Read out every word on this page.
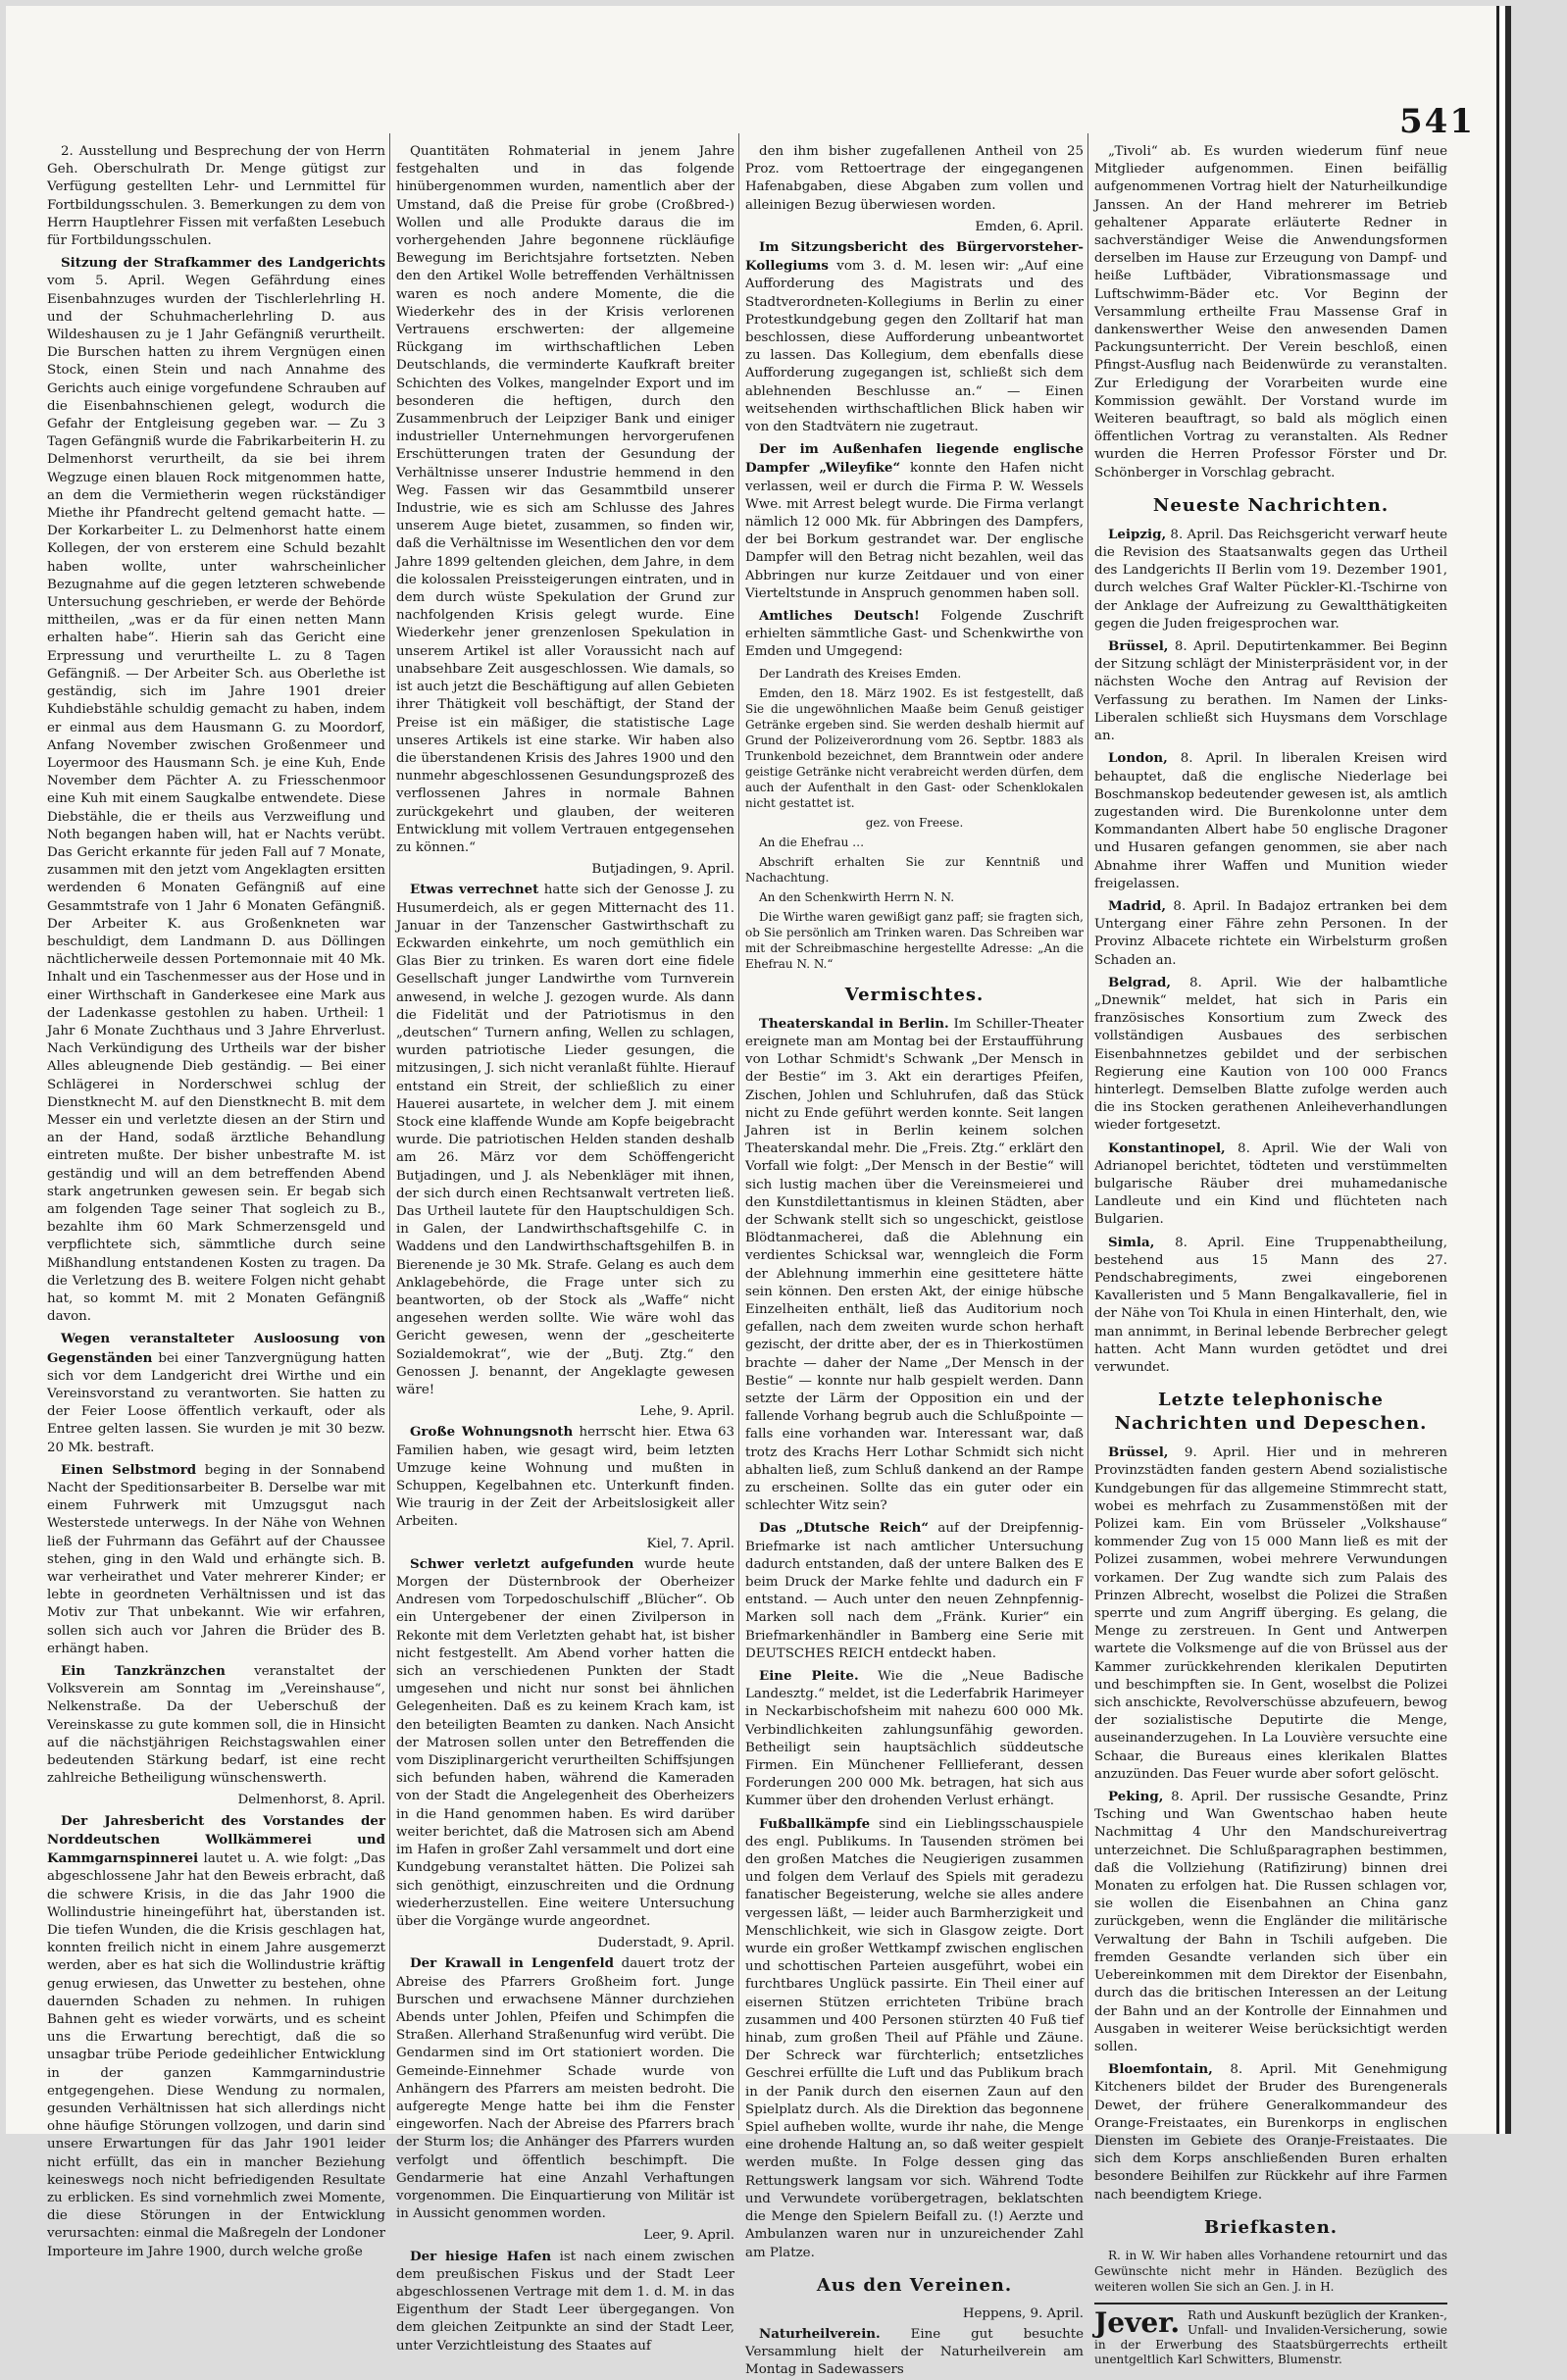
541

2. Ausstellung und Besprechung der von Herrn Geh. Oberschulrath Dr. Menge gütigst zur Verfügung gestellten Lehr- und Lernmittel für Fortbildungsschulen. 3. Bemerkungen zu dem von Herrn Hauptlehrer Fissen mit verfaßten Lesebuch für Fortbildungsschulen.

Sitzung der Strafkammer des Landgerichts vom 5. April. Wegen Gefährdung eines Eisenbahnzuges wurden der Tischlerlehrling H. und der Schuhmacherlehrling D. aus Wildeshausen zu je 1 Jahr Gefängniß verurtheilt. Die Burschen hatten zu ihrem Vergnügen einen Stock, einen Stein und nach Annahme des Gerichts auch einige vorgefundene Schrauben auf die Eisenbahnschienen gelegt, wodurch die Gefahr der Entgleisung gegeben war. — Zu 3 Tagen Gefängniß wurde die Fabrikarbeiterin H. zu Delmenhorst verurtheilt, da sie bei ihrem Wegzuge einen blauen Rock mitgenommen hatte, an dem die Vermietherin wegen rückständiger Miethe ihr Pfandrecht geltend gemacht hatte. — Der Korkarbeiter L. zu Delmenhorst hatte einem Kollegen, der von ersterem eine Schuld bezahlt haben wollte, unter wahrscheinlicher Bezugnahme auf die gegen letzteren schwebende Untersuchung geschrieben, er werde der Behörde mittheilen, „was er da für einen netten Mann erhalten habe“. Hierin sah das Gericht eine Erpressung und verurtheilte L. zu 8 Tagen Gefängniß. — Der Arbeiter Sch. aus Oberlethe ist geständig, sich im Jahre 1901 dreier Kuhdiebstähle schuldig gemacht zu haben, indem er einmal aus dem Hausmann G. zu Moordorf, Anfang November zwischen Großenmeer und Loyermoor des Hausmann Sch. je eine Kuh, Ende November dem Pächter A. zu Friesschenmoor eine Kuh mit einem Saugkalbe entwendete. Diese Diebstähle, die er theils aus Verzweiflung und Noth begangen haben will, hat er Nachts verübt. Das Gericht erkannte für jeden Fall auf 7 Monate, zusammen mit den jetzt vom Angeklagten ersitten werdenden 6 Monaten Gefängniß auf eine Gesammtstrafe von 1 Jahr 6 Monaten Gefängniß. Der Arbeiter K. aus Großenkneten war beschuldigt, dem Landmann D. aus Döllingen nächtlicherweile dessen Portemonnaie mit 40 Mk. Inhalt und ein Taschenmesser aus der Hose und in einer Wirthschaft in Ganderkesee eine Mark aus der Ladenkasse gestohlen zu haben. Urtheil: 1 Jahr 6 Monate Zuchthaus und 3 Jahre Ehrverlust. Nach Verkündigung des Urtheils war der bisher Alles ableugnende Dieb geständig. — Bei einer Schlägerei in Norderschwei schlug der Dienstknecht M. auf den Dienstknecht B. mit dem Messer ein und verletzte diesen an der Stirn und an der Hand, sodaß ärztliche Behandlung eintreten mußte. Der bisher unbestrafte M. ist geständig und will an dem betreffenden Abend stark angetrunken gewesen sein. Er begab sich am folgenden Tage seiner That sogleich zu B., bezahlte ihm 60 Mark Schmerzensgeld und verpflichtete sich, sämmtliche durch seine Mißhandlung entstandenen Kosten zu tragen. Da die Verletzung des B. weitere Folgen nicht gehabt hat, so kommt M. mit 2 Monaten Gefängniß davon.

Wegen veranstalteter Ausloosung von Gegenständen bei einer Tanzvergnügung hatten sich vor dem Landgericht drei Wirthe und ein Vereinsvorstand zu verantworten. Sie hatten zu der Feier Loose öffentlich verkauft, oder als Entree gelten lassen. Sie wurden je mit 30 bezw. 20 Mk. bestraft.

Einen Selbstmord beging in der Sonnabend Nacht der Speditionsarbeiter B. Derselbe war mit einem Fuhrwerk mit Umzugsgut nach Westerstede unterwegs. In der Nähe von Wehnen ließ der Fuhrmann das Gefährt auf der Chaussee stehen, ging in den Wald und erhängte sich. B. war verheirathet und Vater mehrerer Kinder; er lebte in geordneten Verhältnissen und ist das Motiv zur That unbekannt. Wie wir erfahren, sollen sich auch vor Jahren die Brüder des B. erhängt haben.

Ein Tanzkränzchen veranstaltet der Volksverein am Sonntag im „Vereinshause“, Nelkenstraße. Da der Ueberschuß der Vereinskasse zu gute kommen soll, die in Hinsicht auf die nächstjährigen Reichstagswahlen einer bedeutenden Stärkung bedarf, ist eine recht zahlreiche Betheiligung wünschenswerth.

Delmenhorst, 8. April.

Der Jahresbericht des Vorstandes der Norddeutschen Wollkämmerei und Kammgarnspinnerei lautet u. A. wie folgt: „Das abgeschlossene Jahr hat den Beweis erbracht, daß die schwere Krisis, in die das Jahr 1900 die Wollindustrie hineingeführt hat, überstanden ist. Die tiefen Wunden, die die Krisis geschlagen hat, konnten freilich nicht in einem Jahre ausgemerzt werden, aber es hat sich die Wollindustrie kräftig genug erwiesen, das Unwetter zu bestehen, ohne dauernden Schaden zu nehmen. In ruhigen Bahnen geht es wieder vorwärts, und es scheint uns die Erwartung berechtigt, daß die so unsagbar trübe Periode gedeihlicher Entwicklung in der ganzen Kammgarnindustrie entgegengehen. Diese Wendung zu normalen, gesunden Verhältnissen hat sich allerdings nicht ohne häufige Störungen vollzogen, und darin sind unsere Erwartungen für das Jahr 1901 leider nicht erfüllt, das ein in mancher Beziehung keineswegs noch nicht befriedigenden Resultate zu erblicken. Es sind vornehmlich zwei Momente, die diese Störungen in der Entwicklung verursachten: einmal die Maßregeln der Londoner Importeure im Jahre 1900, durch welche große

Quantitäten Rohmaterial in jenem Jahre festgehalten und in das folgende hinübergenommen wurden, namentlich aber der Umstand, daß die Preise für grobe (Croßbred-) Wollen und alle Produkte daraus die im vorhergehenden Jahre begonnene rückläufige Bewegung im Berichtsjahre fortsetzten. Neben den den Artikel Wolle betreffenden Verhältnissen waren es noch andere Momente, die die Wiederkehr des in der Krisis verlorenen Vertrauens erschwerten: der allgemeine Rückgang im wirthschaftlichen Leben Deutschlands, die verminderte Kaufkraft breiter Schichten des Volkes, mangelnder Export und im besonderen die heftigen, durch den Zusammenbruch der Leipziger Bank und einiger industrieller Unternehmungen hervorgerufenen Erschütterungen traten der Gesundung der Verhältnisse unserer Industrie hemmend in den Weg. Fassen wir das Gesammtbild unserer Industrie, wie es sich am Schlusse des Jahres unserem Auge bietet, zusammen, so finden wir, daß die Verhältnisse im Wesentlichen den vor dem Jahre 1899 geltenden gleichen, dem Jahre, in dem die kolossalen Preissteigerungen eintraten, und in dem durch wüste Spekulation der Grund zur nachfolgenden Krisis gelegt wurde. Eine Wiederkehr jener grenzenlosen Spekulation in unserem Artikel ist aller Voraussicht nach auf unabsehbare Zeit ausgeschlossen. Wie damals, so ist auch jetzt die Beschäftigung auf allen Gebieten ihrer Thätigkeit voll beschäftigt, der Stand der Preise ist ein mäßiger, die statistische Lage unseres Artikels ist eine starke. Wir haben also die überstandenen Krisis des Jahres 1900 und den nunmehr abgeschlossenen Gesundungsprozeß des verflossenen Jahres in normale Bahnen zurückgekehrt und glauben, der weiteren Entwicklung mit vollem Vertrauen entgegensehen zu können.“

Butjadingen, 9. April.

Etwas verrechnet hatte sich der Genosse J. zu Husumerdeich, als er gegen Mitternacht des 11. Januar in der Tanzenscher Gastwirthschaft zu Eckwarden einkehrte, um noch gemüthlich ein Glas Bier zu trinken. Es waren dort eine fidele Gesellschaft junger Landwirthe vom Turnverein anwesend, in welche J. gezogen wurde. Als dann die Fidelität und der Patriotismus in den „deutschen“ Turnern anfing, Wellen zu schlagen, wurden patriotische Lieder gesungen, die mitzusingen, J. sich nicht veranlaßt fühlte. Hierauf entstand ein Streit, der schließlich zu einer Hauerei ausartete, in welcher dem J. mit einem Stock eine klaffende Wunde am Kopfe beigebracht wurde. Die patriotischen Helden standen deshalb am 26. März vor dem Schöffengericht Butjadingen, und J. als Nebenkläger mit ihnen, der sich durch einen Rechtsanwalt vertreten ließ. Das Urtheil lautete für den Hauptschuldigen Sch. in Galen, der Landwirthschaftsgehilfe C. in Waddens und den Landwirthschaftsgehilfen B. in Bierenende je 30 Mk. Strafe. Gelang es auch dem Anklagebehörde, die Frage unter sich zu beantworten, ob der Stock als „Waffe“ nicht angesehen werden sollte. Wie wäre wohl das Gericht gewesen, wenn der „gescheiterte Sozialdemokrat“, wie der „Butj. Ztg.“ den Genossen J. benannt, der Angeklagte gewesen wäre!

Lehe, 9. April.

Große Wohnungsnoth herrscht hier. Etwa 63 Familien haben, wie gesagt wird, beim letzten Umzuge keine Wohnung und mußten in Schuppen, Kegelbahnen etc. Unterkunft finden. Wie traurig in der Zeit der Arbeitslosigkeit aller Arbeiten.

Kiel, 7. April.

Schwer verletzt aufgefunden wurde heute Morgen der Düsternbrook der Oberheizer Andresen vom Torpedoschulschiff „Blücher“. Ob ein Untergebener der einen Zivilperson in Rekonte mit dem Verletzten gehabt hat, ist bisher nicht festgestellt. Am Abend vorher hatten die sich an verschiedenen Punkten der Stadt umgesehen und nicht nur sonst bei ähnlichen Gelegenheiten. Daß es zu keinem Krach kam, ist den beteiligten Beamten zu danken. Nach Ansicht der Matrosen sollen unter den Betreffenden die vom Disziplinargericht verurtheilten Schiffsjungen sich befunden haben, während die Kameraden von der Stadt die Angelegenheit des Oberheizers in die Hand genommen haben. Es wird darüber weiter berichtet, daß die Matrosen sich am Abend im Hafen in großer Zahl versammelt und dort eine Kundgebung veranstaltet hätten. Die Polizei sah sich genöthigt, einzuschreiten und die Ordnung wiederherzustellen. Eine weitere Untersuchung über die Vorgänge wurde angeordnet.

Duderstadt, 9. April.

Der Krawall in Lengenfeld dauert trotz der Abreise des Pfarrers Großheim fort. Junge Burschen und erwachsene Männer durchziehen Abends unter Johlen, Pfeifen und Schimpfen die Straßen. Allerhand Straßenunfug wird verübt. Die Gendarmen sind im Ort stationiert worden. Die Gemeinde-Einnehmer Schade wurde von Anhängern des Pfarrers am meisten bedroht. Die aufgeregte Menge hatte bei ihm die Fenster eingeworfen. Nach der Abreise des Pfarrers brach der Sturm los; die Anhänger des Pfarrers wurden verfolgt und öffentlich beschimpft. Die Gendarmerie hat eine Anzahl Verhaftungen vorgenommen. Die Einquartierung von Militär ist in Aussicht genommen worden.

Leer, 9. April.

Der hiesige Hafen ist nach einem zwischen dem preußischen Fiskus und der Stadt Leer abgeschlossenen Vertrage mit dem 1. d. M. in das Eigenthum der Stadt Leer übergegangen. Von dem gleichen Zeitpunkte an sind der Stadt Leer, unter Verzichtleistung des Staates auf

den ihm bisher zugefallenen Antheil von 25 Proz. vom Rettoertrage der eingegangenen Hafenabgaben, diese Abgaben zum vollen und alleinigen Bezug überwiesen worden.

Emden, 6. April.

Im Sitzungsbericht des Bürgervorsteher-Kollegiums vom 3. d. M. lesen wir: „Auf eine Aufforderung des Magistrats und des Stadtverordneten-Kollegiums in Berlin zu einer Protestkundgebung gegen den Zolltarif hat man beschlossen, diese Aufforderung unbeantwortet zu lassen. Das Kollegium, dem ebenfalls diese Aufforderung zugegangen ist, schließt sich dem ablehnenden Beschlusse an.“ — Einen weitsehenden wirthschaftlichen Blick haben wir von den Stadtvätern nie zugetraut.

Der im Außenhafen liegende englische Dampfer „Wileyfike“ konnte den Hafen nicht verlassen, weil er durch die Firma P. W. Wessels Wwe. mit Arrest belegt wurde. Die Firma verlangt nämlich 12 000 Mk. für Abbringen des Dampfers, der bei Borkum gestrandet war. Der englische Dampfer will den Betrag nicht bezahlen, weil das Abbringen nur kurze Zeitdauer und von einer Vierteltstunde in Anspruch genommen haben soll.

Amtliches Deutsch! Folgende Zuschrift erhielten sämmtliche Gast- und Schenkwirthe von Emden und Umgegend:

Der Landrath des Kreises Emden.

Emden, den 18. März 1902. Es ist festgestellt, daß Sie die ungewöhnlichen Maaße beim Genuß geistiger Getränke ergeben sind. Sie werden deshalb hiermit auf Grund der Polizeiverordnung vom 26. Septbr. 1883 als Trunkenbold bezeichnet, dem Branntwein oder andere geistige Getränke nicht verabreicht werden dürfen, dem auch der Aufenthalt in den Gast- oder Schenklokalen nicht gestattet ist.

gez. von Freese.

An die Ehefrau …

Abschrift erhalten Sie zur Kenntniß und Nachachtung.

An den Schenkwirth Herrn N. N.

Die Wirthe waren gewißigt ganz paff; sie fragten sich, ob Sie persönlich am Trinken waren. Das Schreiben war mit der Schreibmaschine hergestellte Adresse: „An die Ehefrau N. N.“

Vermischtes.

Theaterskandal in Berlin. Im Schiller-Theater ereignete man am Montag bei der Erstaufführung von Lothar Schmidt's Schwank „Der Mensch in der Bestie“ im 3. Akt ein derartiges Pfeifen, Zischen, Johlen und Schluhrufen, daß das Stück nicht zu Ende geführt werden konnte. Seit langen Jahren ist in Berlin keinem solchen Theaterskandal mehr. Die „Freis. Ztg.“ erklärt den Vorfall wie folgt: „Der Mensch in der Bestie“ will sich lustig machen über die Vereinsmeierei und den Kunstdilettantismus in kleinen Städten, aber der Schwank stellt sich so ungeschickt, geistlose Blödtanmacherei, daß die Ablehnung ein verdientes Schicksal war, wenngleich die Form der Ablehnung immerhin eine gesittetere hätte sein können. Den ersten Akt, der einige hübsche Einzelheiten enthält, ließ das Auditorium noch gefallen, nach dem zweiten wurde schon herhaft gezischt, der dritte aber, der es in Thierkostümen brachte — daher der Name „Der Mensch in der Bestie“ — konnte nur halb gespielt werden. Dann setzte der Lärm der Opposition ein und der fallende Vorhang begrub auch die Schlußpointe — falls eine vorhanden war. Interessant war, daß trotz des Krachs Herr Lothar Schmidt sich nicht abhalten ließ, zum Schluß dankend an der Rampe zu erscheinen. Sollte das ein guter oder ein schlechter Witz sein?

Das „Dtutsche Reich“ auf der Dreipfennig-Briefmarke ist nach amtlicher Untersuchung dadurch entstanden, daß der untere Balken des E beim Druck der Marke fehlte und dadurch ein F entstand. — Auch unter den neuen Zehnpfennig-Marken soll nach dem „Fränk. Kurier“ ein Briefmarkenhändler in Bamberg eine Serie mit DEUTSCHES REICH entdeckt haben.

Eine Pleite. Wie die „Neue Badische Landesztg.“ meldet, ist die Lederfabrik Harimeyer in Neckarbischofsheim mit nahezu 600 000 Mk. Verbindlichkeiten zahlungsunfähig geworden. Betheiligt sein hauptsächlich süddeutsche Firmen. Ein Münchener Felllieferant, dessen Forderungen 200 000 Mk. betragen, hat sich aus Kummer über den drohenden Verlust erhängt.

Fußballkämpfe sind ein Lieblingsschauspiele des engl. Publikums. In Tausenden strömen bei den großen Matches die Neugierigen zusammen und folgen dem Verlauf des Spiels mit geradezu fanatischer Begeisterung, welche sie alles andere vergessen läßt, — leider auch Barmherzigkeit und Menschlichkeit, wie sich in Glasgow zeigte. Dort wurde ein großer Wettkampf zwischen englischen und schottischen Parteien ausgeführt, wobei ein furchtbares Unglück passirte. Ein Theil einer auf eisernen Stützen errichteten Tribüne brach zusammen und 400 Personen stürzten 40 Fuß tief hinab, zum großen Theil auf Pfähle und Zäune. Der Schreck war fürchterlich; entsetzliches Geschrei erfüllte die Luft und das Publikum brach in der Panik durch den eisernen Zaun auf den Spielplatz durch. Als die Direktion das begonnene Spiel aufheben wollte, wurde ihr nahe, die Menge eine drohende Haltung an, so daß weiter gespielt werden mußte. In Folge dessen ging das Rettungswerk langsam vor sich. Während Todte und Verwundete vorübergetragen, beklatschten die Menge den Spielern Beifall zu. (!) Aerzte und Ambulanzen waren nur in unzureichender Zahl am Platze.

Aus den Vereinen.

Heppens, 9. April.

Naturheilverein. Eine gut besuchte Versammlung hielt der Naturheilverein am Montag in Sadewassers

„Tivoli“ ab. Es wurden wiederum fünf neue Mitglieder aufgenommen. Einen beifällig aufgenommenen Vortrag hielt der Naturheilkundige Janssen. An der Hand mehrerer im Betrieb gehaltener Apparate erläuterte Redner in sachverständiger Weise die Anwendungsformen derselben im Hause zur Erzeugung von Dampf- und heiße Luftbäder, Vibrationsmassage und Luftschwimm-Bäder etc. Vor Beginn der Versammlung ertheilte Frau Massense Graf in dankenswerther Weise den anwesenden Damen Packungsunterricht. Der Verein beschloß, einen Pfingst-Ausflug nach Beidenwürde zu veranstalten. Zur Erledigung der Vorarbeiten wurde eine Kommission gewählt. Der Vorstand wurde im Weiteren beauftragt, so bald als möglich einen öffentlichen Vortrag zu veranstalten. Als Redner wurden die Herren Professor Förster und Dr. Schönberger in Vorschlag gebracht.

Neueste Nachrichten.

Leipzig, 8. April. Das Reichsgericht verwarf heute die Revision des Staatsanwalts gegen das Urtheil des Landgerichts II Berlin vom 19. Dezember 1901, durch welches Graf Walter Pückler-Kl.-Tschirne von der Anklage der Aufreizung zu Gewaltthätigkeiten gegen die Juden freigesprochen war.

Brüssel, 8. April. Deputirtenkammer. Bei Beginn der Sitzung schlägt der Ministerpräsident vor, in der nächsten Woche den Antrag auf Revision der Verfassung zu berathen. Im Namen der Links-Liberalen schließt sich Huysmans dem Vorschlage an.

London, 8. April. In liberalen Kreisen wird behauptet, daß die englische Niederlage bei Boschmanskop bedeutender gewesen ist, als amtlich zugestanden wird. Die Burenkolonne unter dem Kommandanten Albert habe 50 englische Dragoner und Husaren gefangen genommen, sie aber nach Abnahme ihrer Waffen und Munition wieder freigelassen.

Madrid, 8. April. In Badajoz ertranken bei dem Untergang einer Fähre zehn Personen. In der Provinz Albacete richtete ein Wirbelsturm großen Schaden an.

Belgrad, 8. April. Wie der halbamtliche „Dnewnik“ meldet, hat sich in Paris ein französisches Konsortium zum Zweck des vollständigen Ausbaues des serbischen Eisenbahnnetzes gebildet und der serbischen Regierung eine Kaution von 100 000 Francs hinterlegt. Demselben Blatte zufolge werden auch die ins Stocken gerathenen Anleiheverhandlungen wieder fortgesetzt.

Konstantinopel, 8. April. Wie der Wali von Adrianopel berichtet, tödteten und verstümmelten bulgarische Räuber drei muhamedanische Landleute und ein Kind und flüchteten nach Bulgarien.

Simla, 8. April. Eine Truppenabtheilung, bestehend aus 15 Mann des 27. Pendschabregiments, zwei eingeborenen Kavalleristen und 5 Mann Bengalkavallerie, fiel in der Nähe von Toi Khula in einen Hinterhalt, den, wie man annimmt, in Berinal lebende Berbrecher gelegt hatten. Acht Mann wurden getödtet und drei verwundet.

Letzte telephonische Nachrichten und Depeschen.

Brüssel, 9. April. Hier und in mehreren Provinzstädten fanden gestern Abend sozialistische Kundgebungen für das allgemeine Stimmrecht statt, wobei es mehrfach zu Zusammenstößen mit der Polizei kam. Ein vom Brüsseler „Volkshause“ kommender Zug von 15 000 Mann ließ es mit der Polizei zusammen, wobei mehrere Verwundungen vorkamen. Der Zug wandte sich zum Palais des Prinzen Albrecht, woselbst die Polizei die Straßen sperrte und zum Angriff überging. Es gelang, die Menge zu zerstreuen. In Gent und Antwerpen wartete die Volksmenge auf die von Brüssel aus der Kammer zurückkehrenden klerikalen Deputirten und beschimpften sie. In Gent, woselbst die Polizei sich anschickte, Revolverschüsse abzufeuern, bewog der sozialistische Deputirte die Menge, auseinanderzugehen. In La Louvière versuchte eine Schaar, die Bureaus eines klerikalen Blattes anzuzünden. Das Feuer wurde aber sofort gelöscht.

Peking, 8. April. Der russische Gesandte, Prinz Tsching und Wan Gwentschao haben heute Nachmittag 4 Uhr den Mandschureivertrag unterzeichnet. Die Schlußparagraphen bestimmen, daß die Vollziehung (Ratifizirung) binnen drei Monaten zu erfolgen hat. Die Russen schlagen vor, sie wollen die Eisenbahnen an China ganz zurückgeben, wenn die Engländer die militärische Verwaltung der Bahn in Tschili aufgeben. Die fremden Gesandte verlanden sich über ein Uebereinkommen mit dem Direktor der Eisenbahn, durch das die britischen Interessen an der Leitung der Bahn und an der Kontrolle der Einnahmen und Ausgaben in weiterer Weise berücksichtigt werden sollen.

Bloemfontain, 8. April. Mit Genehmigung Kitcheners bildet der Bruder des Burengenerals Dewet, der frühere Generalkommandeur des Orange-Freistaates, ein Burenkorps in englischen Diensten im Gebiete des Oranje-Freistaates. Die sich dem Korps anschließenden Buren erhalten besondere Beihilfen zur Rückkehr auf ihre Farmen nach beendigtem Kriege.

Briefkasten.

R. in W. Wir haben alles Vorhandene retournirt und das Gewünschte nicht mehr in Händen. Bezüglich des weiteren wollen Sie sich an Gen. J. in H.

Jever. Rath und Auskunft bezüglich der Kranken-, Unfall- und Invaliden-Versicherung, sowie in der Erwerbung des Staatsbürgerrechts ertheilt unentgeltlich Karl Schwitters, Blumenstr.
